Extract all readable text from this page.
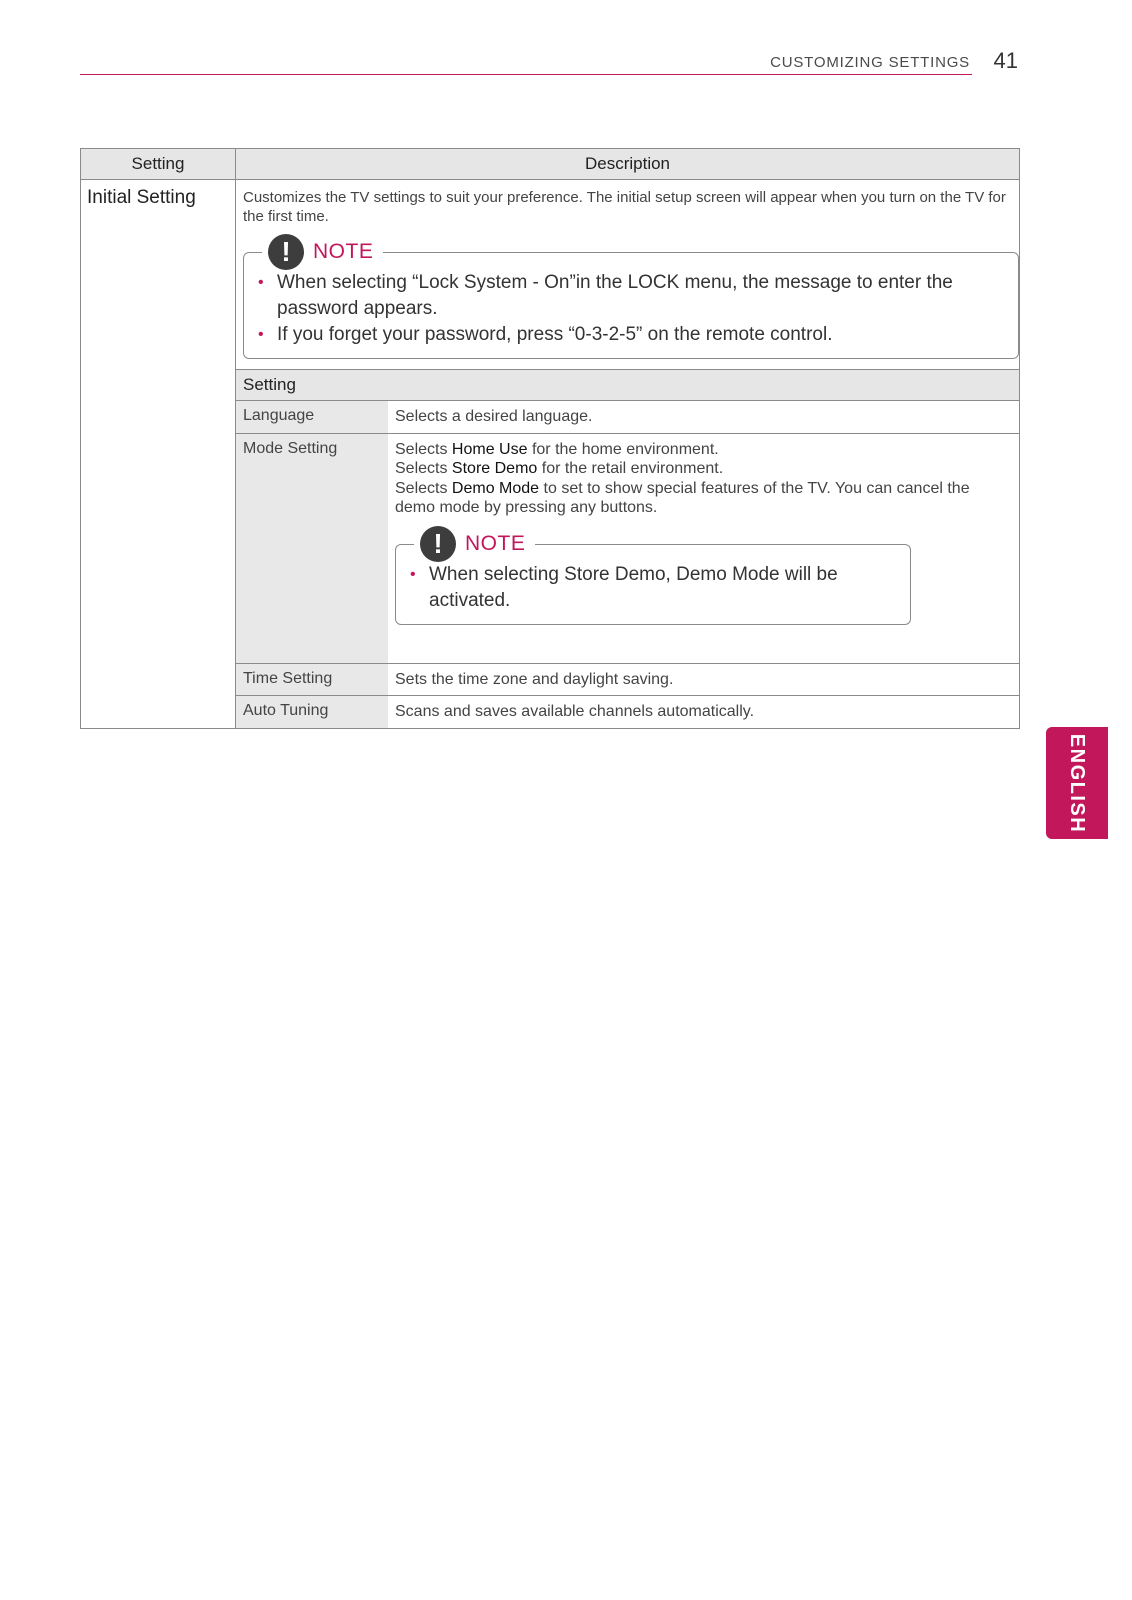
CUSTOMIZING SETTINGS 41
Setting	Description
Initial Setting	Customizes the TV settings to suit your preference. The initial setup screen will appear when you turn on the TV for the first time.
!	NOTE
• When selecting “Lock System - On”in the LOCK menu, the message to enter the password appears.
• If you forget your password, press “0-3-2-5” on the remote control.
Setting
Language	Selects a desired language.
Mode Setting	Selects Home Use for the home environment.
Selects Store Demo for the retail environment.
Selects Demo Mode to set to show special features of the TV. You can cancel the demo mode by pressing any buttons.
!	NOTE
• When selecting Store Demo, Demo Mode will be activated.

Time Setting	Sets the time zone and daylight saving.
Auto Tuning	Scans and saves available channels automatically.
ENGLISH
